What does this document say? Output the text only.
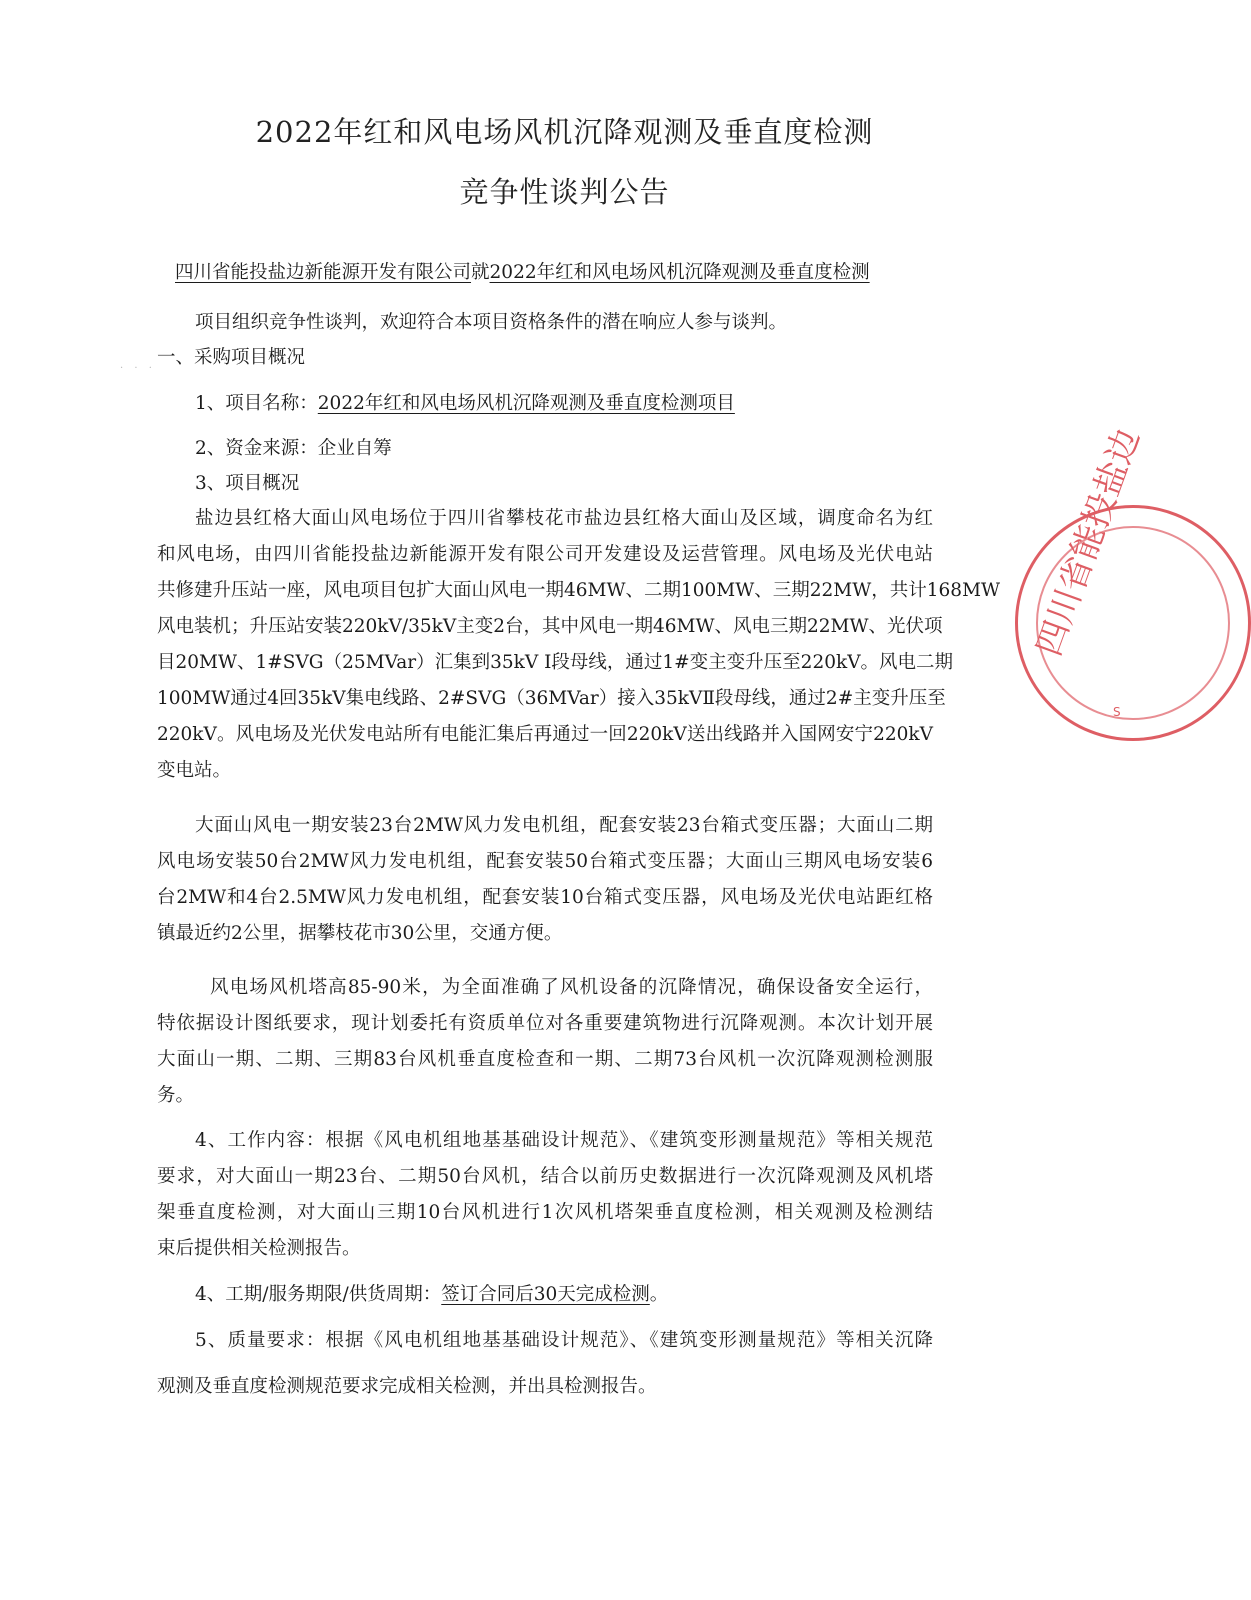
2022年红和风电场风机沉降观测及垂直度检测
竞争性谈判公告
四川省能投盐边新能源开发有限公司就2022年红和风电场风机沉降观测及垂直度检测
项目组织竞争性谈判，欢迎符合本项目资格条件的潜在响应人参与谈判。
· · ·
一、采购项目概况
1、项目名称：2022年红和风电场风机沉降观测及垂直度检测项目
2、资金来源：企业自筹
3、项目概况
盐边县红格大面山风电场位于四川省攀枝花市盐边县红格大面山及区域，调度命名为红
和风电场，由四川省能投盐边新能源开发有限公司开发建设及运营管理。风电场及光伏电站
共修建升压站一座，风电项目包扩大面山风电一期46MW、二期100MW、三期22MW，共计168MW
风电装机；升压站安装220kV/35kV主变2台，其中风电一期46MW、风电三期22MW、光伏项
目20MW、1#SVG（25MVar）汇集到35kV Ⅰ段母线，通过1#变主变升压至220kV。风电二期
100MW通过4回35kV集电线路、2#SVG（36MVar）接入35kVⅡ段母线，通过2#主变升压至
220kV。风电场及光伏发电站所有电能汇集后再通过一回220kV送出线路并入国网安宁220kV
变电站。
大面山风电一期安装23台2MW风力发电机组，配套安装23台箱式变压器；大面山二期
风电场安装50台2MW风力发电机组，配套安装50台箱式变压器；大面山三期风电场安装6
台2MW和4台2.5MW风力发电机组，配套安装10台箱式变压器，风电场及光伏电站距红格
镇最近约2公里，据攀枝花市30公里，交通方便。
风电场风机塔高85-90米，为全面准确了风机设备的沉降情况，确保设备安全运行，
特依据设计图纸要求，现计划委托有资质单位对各重要建筑物进行沉降观测。本次计划开展
大面山一期、二期、三期83台风机垂直度检查和一期、二期73台风机一次沉降观测检测服
务。
4、工作内容：根据《风电机组地基基础设计规范》、《建筑变形测量规范》等相关规范
要求，对大面山一期23台、二期50台风机，结合以前历史数据进行一次沉降观测及风机塔
架垂直度检测，对大面山三期10台风机进行1次风机塔架垂直度检测，相关观测及检测结
束后提供相关检测报告。
4、工期/服务期限/供货周期：签订合同后30天完成检测。
5、质量要求：根据《风电机组地基基础设计规范》、《建筑变形测量规范》等相关沉降
观测及垂直度检测规范要求完成相关检测，并出具检测报告。
四川省能投盐边
S
